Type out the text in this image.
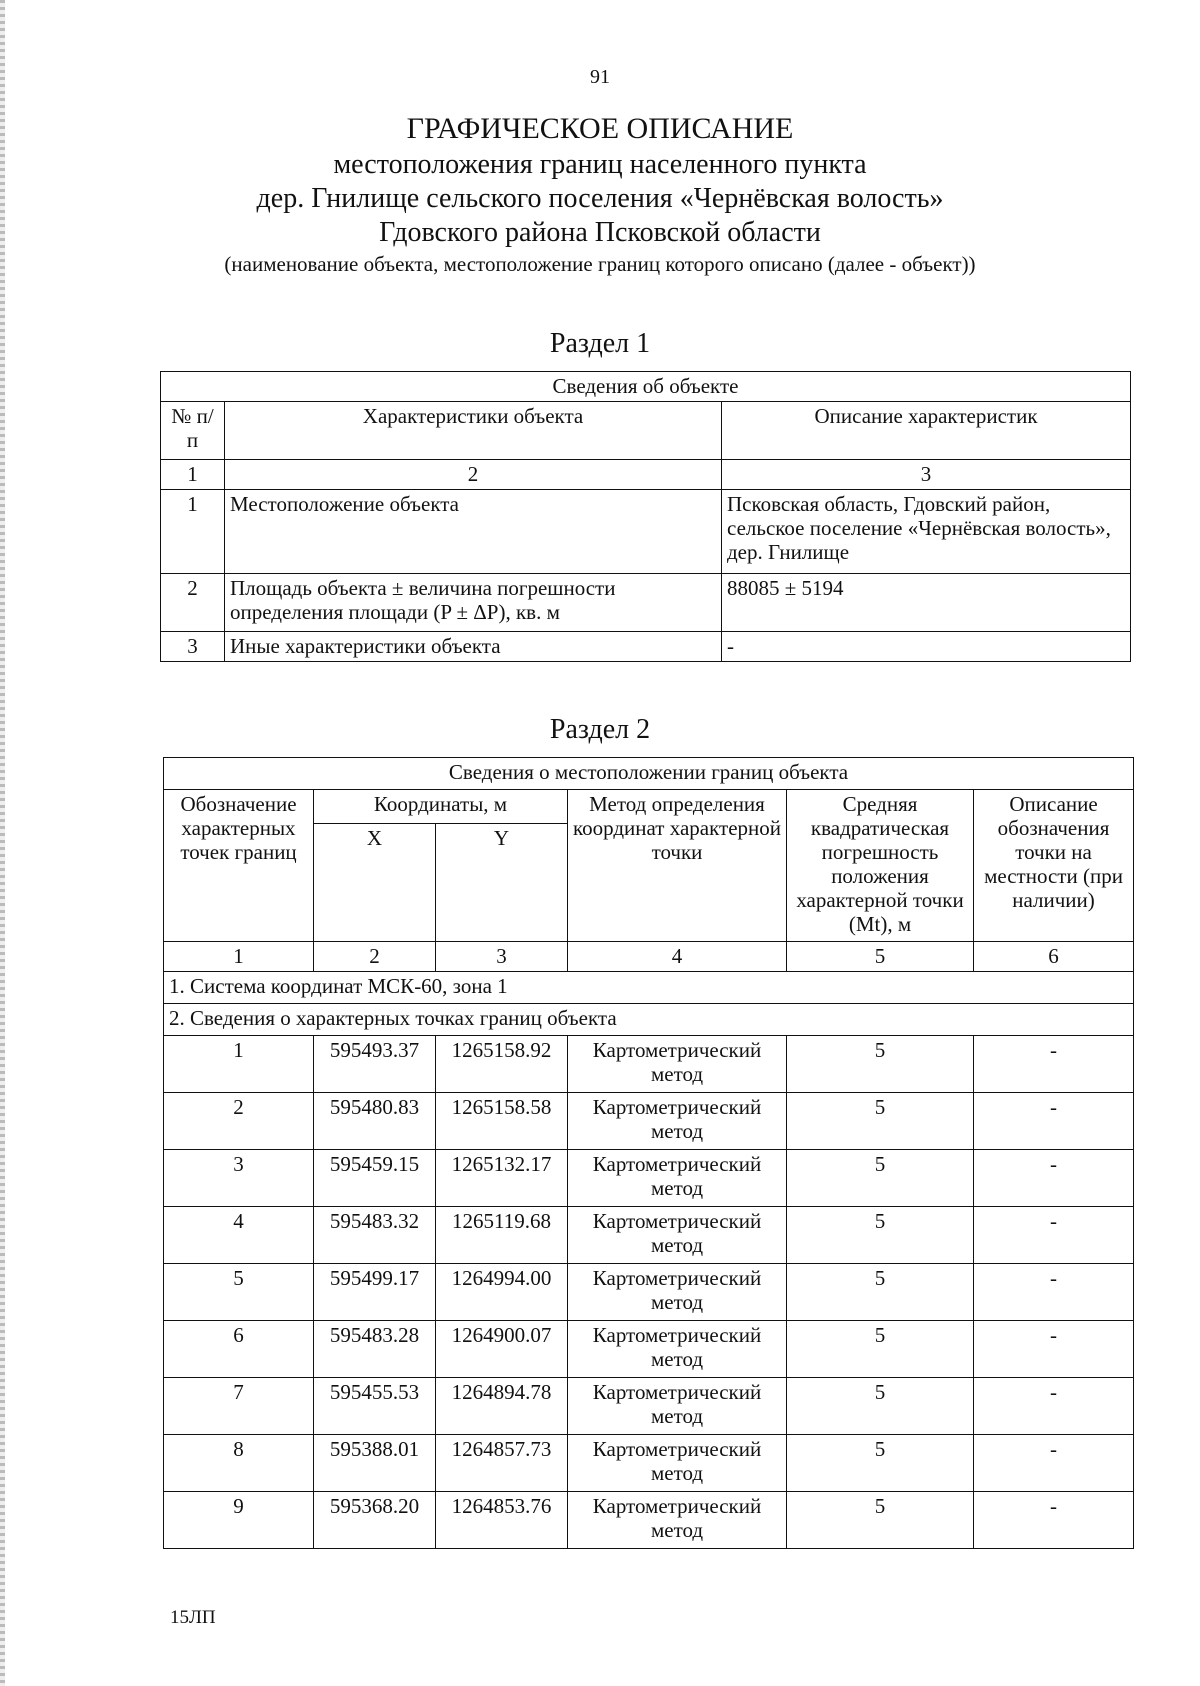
91
ГРАФИЧЕСКОЕ ОПИСАНИЕ
местоположения границ населенного пункта
дер. Гнилище сельского поселения «Чернёвская волость»
Гдовского района Псковской области
(наименование объекта, местоположение границ которого описано (далее - объект))
Раздел 1
Сведения об объекте		
№ п/п	Характеристики объекта	Описание характеристик
1	2	3
1	Местоположение объекта	Псковская область, Гдовский район, сельское поселение «Чернёвская волость», дер. Гнилище
2	Площадь объекта ± величина погрешности определения площади (P ± ΔP), кв. м	88085 ± 5194
3	Иные характеристики объекта	-
Раздел 2
Сведения о местоположении границ объекта					
Обозначение характерных точек границ	Координаты, м		Метод определения координат характерной точки	Средняя квадратическая погрешность положения характерной точки (Mt), м	Описание обозначения точки на местности (при наличии)
	X	Y			
1	2	3	4	5	6
1. Система координат МСК-60, зона 1					
2. Сведения о характерных точках границ объекта					
1	595493.37	1265158.92	Картометрический метод	5	-
2	595480.83	1265158.58	Картометрический метод	5	-
3	595459.15	1265132.17	Картометрический метод	5	-
4	595483.32	1265119.68	Картометрический метод	5	-
5	595499.17	1264994.00	Картометрический метод	5	-
6	595483.28	1264900.07	Картометрический метод	5	-
7	595455.53	1264894.78	Картометрический метод	5	-
8	595388.01	1264857.73	Картометрический метод	5	-
9	595368.20	1264853.76	Картометрический метод	5	-
15ЛП
